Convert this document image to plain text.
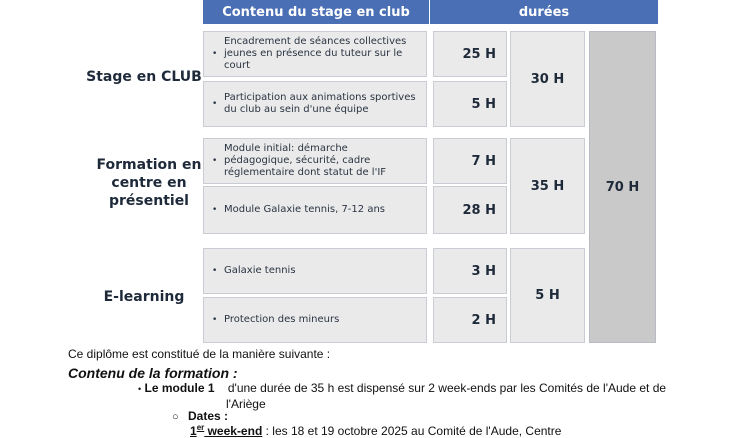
Contenu du stage en club	durées
Stage en CLUB
Formation en
centre en
présentiel
E-learning
•
Encadrement de séances collectives jeunes en présence du tuteur sur le court
•
Participation aux animations sportives du club au sein d'une équipe
•
Module initial: démarche pédagogique, sécurité, cadre réglementaire dont statut de l'IF
• Module Galaxie tennis, 7-12 ans
• Galaxie tennis
• Protection des mineurs
25 H
5 H
7 H
28 H
3 H
2 H
30 H
35 H
5 H
70 H
Ce diplôme est constitué de la manière suivante :
Contenu de la formation :
• Le module 1 d'une durée de 35 h est dispensé sur 2 week-ends par les Comités de l'Aude et de
l'Ariège
○ Dates :
1er week-end : les 18 et 19 octobre 2025 au Comité de l'Aude, Centre
